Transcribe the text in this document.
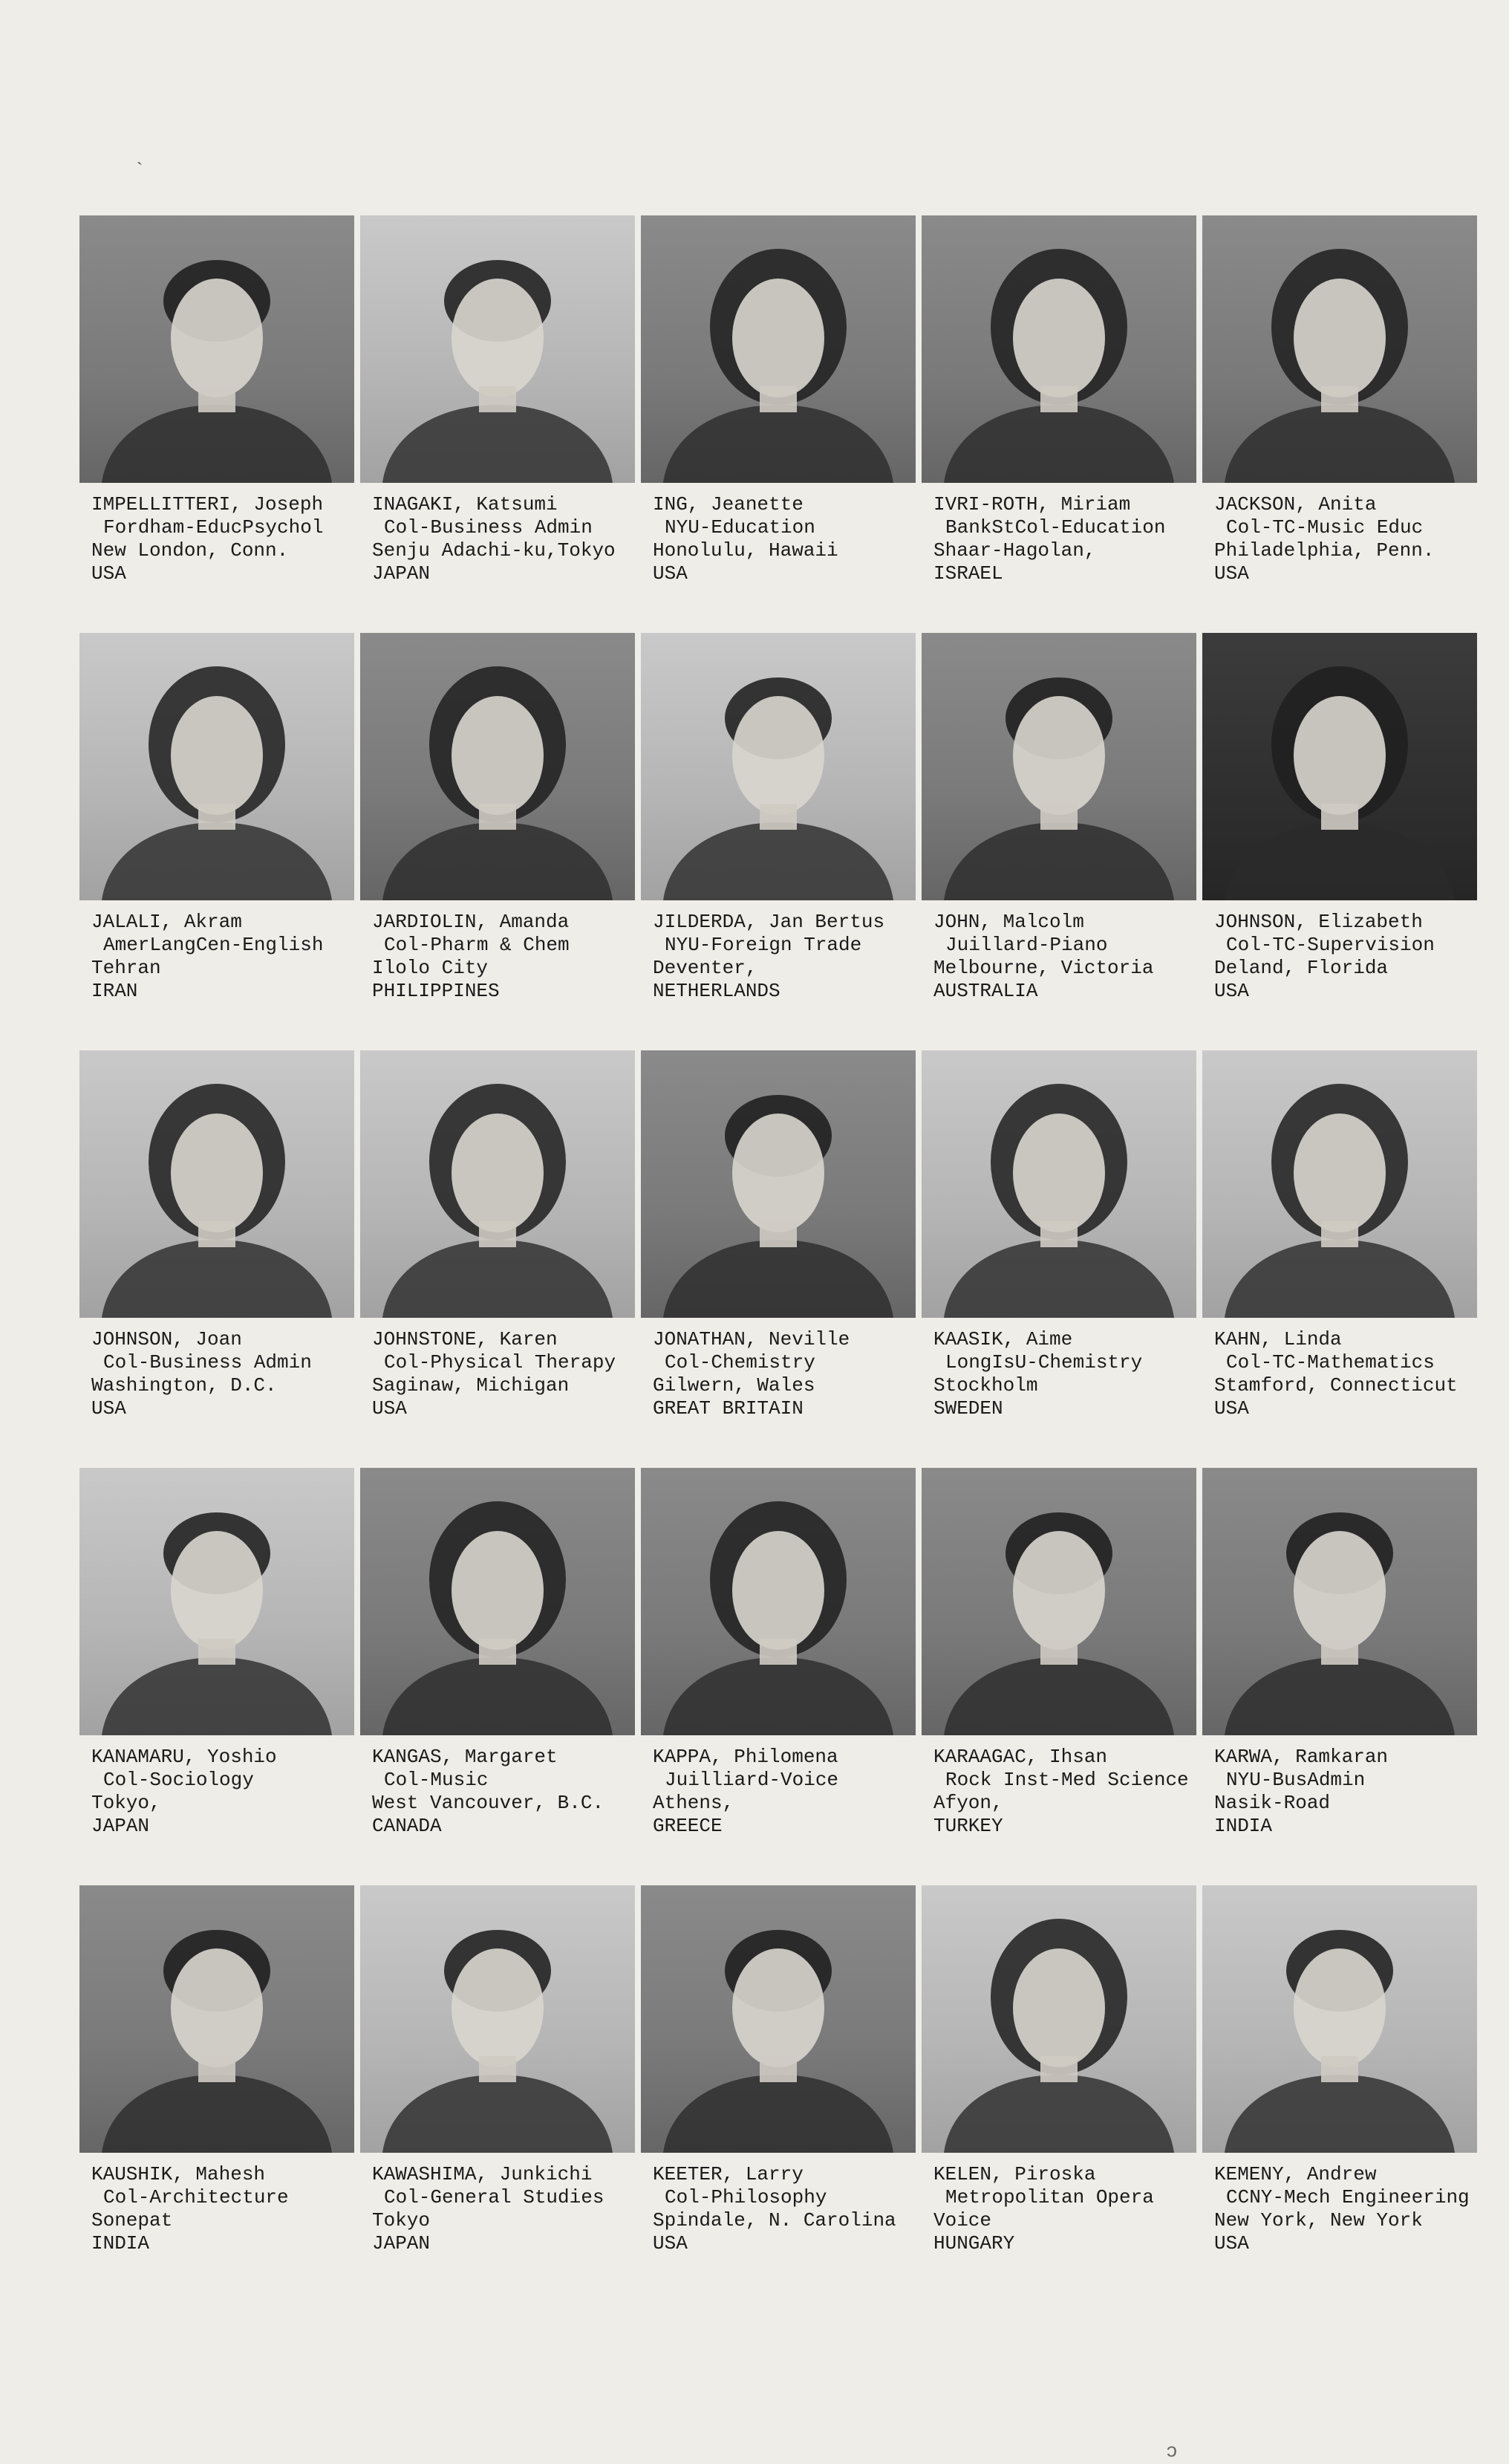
`
IMPELLITTERI, Joseph
Fordham-EducPsychol
New London, Conn.
USA
INAGAKI, Katsumi
Col-Business Admin
Senju Adachi-ku,Tokyo
JAPAN
ING, Jeanette
NYU-Education
Honolulu, Hawaii
USA
IVRI-ROTH, Miriam
BankStCol-Education
Shaar-Hagolan,
ISRAEL
JACKSON, Anita
Col-TC-Music Educ
Philadelphia, Penn.
USA
JALALI, Akram
AmerLangCen-English
Tehran
IRAN
JARDIOLIN, Amanda
Col-Pharm & Chem
Ilolo City
PHILIPPINES
JILDERDA, Jan Bertus
NYU-Foreign Trade
Deventer,
NETHERLANDS
JOHN, Malcolm
Juillard-Piano
Melbourne, Victoria
AUSTRALIA
JOHNSON, Elizabeth
Col-TC-Supervision
Deland, Florida
USA
JOHNSON, Joan
Col-Business Admin
Washington, D.C.
USA
JOHNSTONE, Karen
Col-Physical Therapy
Saginaw, Michigan
USA
JONATHAN, Neville
Col-Chemistry
Gilwern, Wales
GREAT BRITAIN
KAASIK, Aime
LongIsU-Chemistry
Stockholm
SWEDEN
KAHN, Linda
Col-TC-Mathematics
Stamford, Connecticut
USA
KANAMARU, Yoshio
Col-Sociology
Tokyo,
JAPAN
KANGAS, Margaret
Col-Music
West Vancouver, B.C.
CANADA
KAPPA, Philomena
Juilliard-Voice
Athens,
GREECE
KARAAGAC, Ihsan
Rock Inst-Med Science
Afyon,
TURKEY
KARWA, Ramkaran
NYU-BusAdmin
Nasik-Road
INDIA
KAUSHIK, Mahesh
Col-Architecture
Sonepat
INDIA
KAWASHIMA, Junkichi
Col-General Studies
Tokyo
JAPAN
KEETER, Larry
Col-Philosophy
Spindale, N. Carolina
USA
KELEN, Piroska
Metropolitan Opera
Voice
HUNGARY
KEMENY, Andrew
CCNY-Mech Engineering
New York, New York
USA
ɔ
